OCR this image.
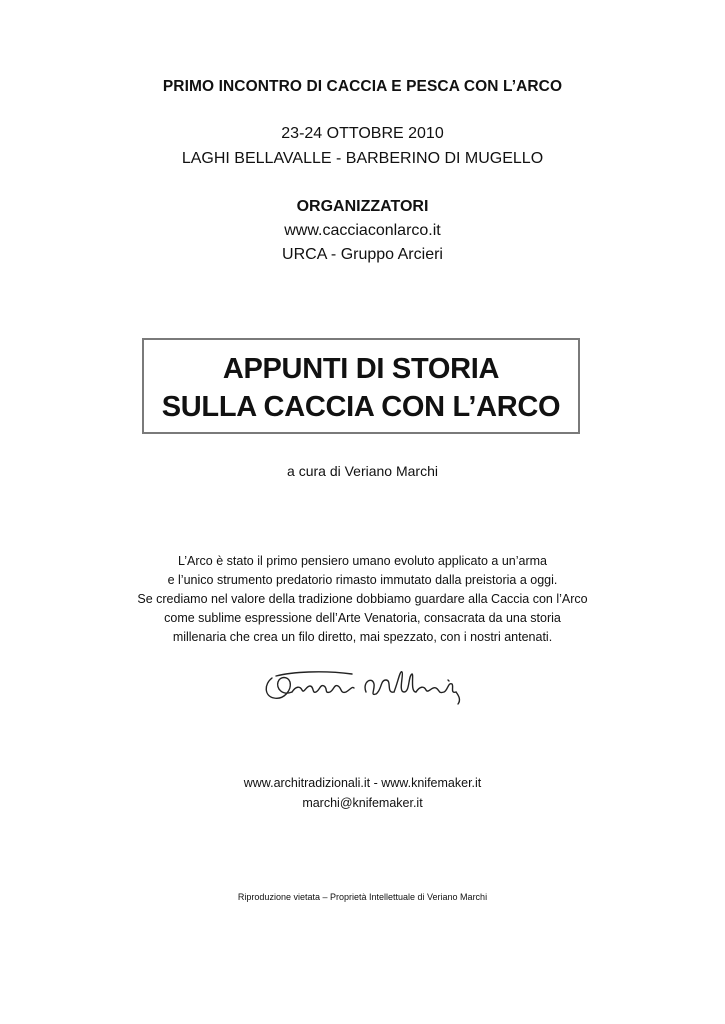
PRIMO INCONTRO DI CACCIA E PESCA CON L’ARCO
23-24 OTTOBRE 2010
LAGHI BELLAVALLE - BARBERINO DI MUGELLO
ORGANIZZATORI
www.cacciaconlarco.it
URCA - Gruppo Arcieri
APPUNTI DI STORIA
SULLA CACCIA CON L’ARCO
a cura di Veriano Marchi
L’Arco è stato il primo pensiero umano evoluto applicato a un’arma
e l’unico strumento predatorio rimasto immutato dalla preistoria a oggi.
Se crediamo nel valore della tradizione dobbiamo guardare alla Caccia con l’Arco
come sublime espressione dell’Arte Venatoria, consacrata da una storia
millenaria che crea un filo diretto, mai spezzato, con i nostri antenati.
www.architradizionali.it - www.knifemaker.it
marchi@knifemaker.it
Riproduzione vietata – Proprietà Intellettuale di Veriano Marchi
